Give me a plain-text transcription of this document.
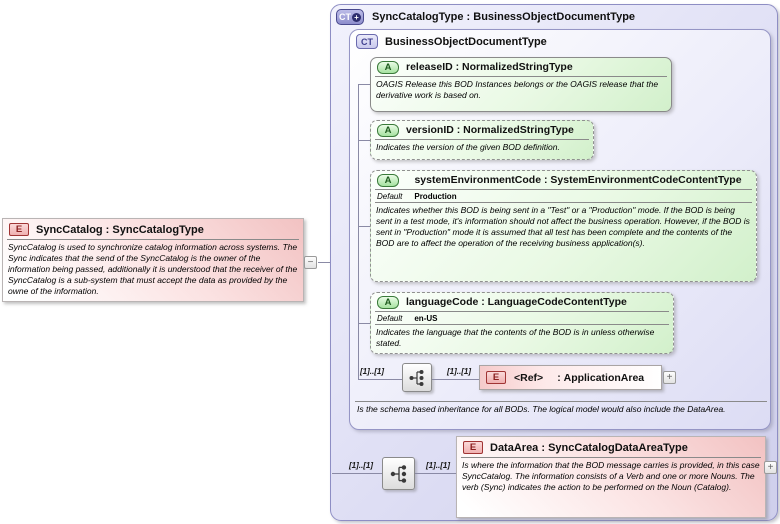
E	SyncCatalog : SyncCatalogType
SyncCatalog is used to synchronize catalog information across systems. The Sync indicates that the send of the SyncCatalog is the owner of the information being passed, additionally it is understood that the receiver of the SyncCatalog is a sub-system that must accept the data as provided by the owne of the information.
−
CT + SyncCatalogType : BusinessObjectDocumentType
CT	BusinessObjectDocumentType
A	releaseID : NormalizedStringType
OAGIS Release this BOD Instances belongs or the OAGIS release that the derivative work is based on.
A	versionID : NormalizedStringType
Indicates the version of the given BOD definition.
A	systemEnvironmentCode : SystemEnvironmentCodeContentType
Default Production
Indicates whether this BOD is being sent in a "Test" or a "Production" mode. If the BOD is being sent in a test mode, it's information should not affect the business operation. However, if the BOD is sent in "Production" mode it is assumed that all test has been complete and the contents of the BOD are to affect the operation of the receiving business application(s).
A	languageCode : LanguageCodeContentType
Default en-US
Indicates the language that the contents of the BOD is in unless otherwise stated.
[1]..[1]	[1]..[1]
E	<Ref> : ApplicationArea	+
Is the schema based inheritance for all BODs. The logical model would also include the DataArea.
[1]..[1]	[1]..[1]
E	DataArea : SyncCatalogDataAreaType
Is where the information that the BOD message carries is provided, in this case SyncCatalog. The information consists of a Verb and one or more Nouns. The verb (Sync) indicates the action to be performed on the Noun (Catalog).
+
